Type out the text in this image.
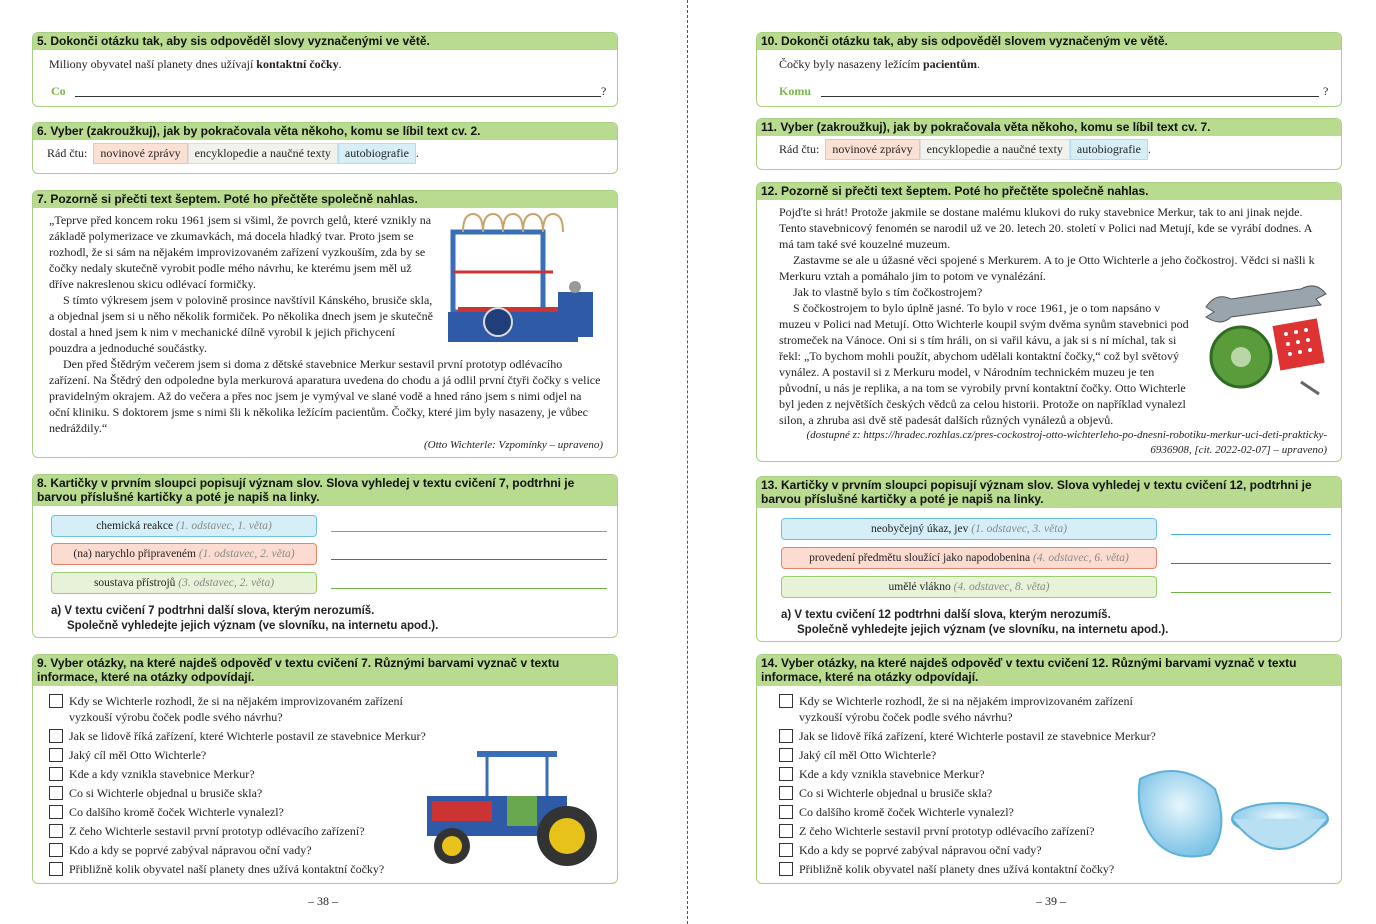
5. Dokonči otázku tak, aby sis odpověděl slovy vyznačenými ve větě.
Miliony obyvatel naší planety dnes užívají kontaktní čočky.
Co	?
6. Vyber (zakroužkuj), jak by pokračovala věta někoho, komu se líbil text cv. 2.
Rád čtu:	novinové zprávy	encyklopedie a naučné texty	autobiografie .
7. Pozorně si přečti text šeptem. Poté ho přečtěte společně nahlas.

„Teprve před koncem roku 1961 jsem si všiml, že povrch gelů, které vznikly na základě polymerizace ve zkumavkách, má docela hladký tvar. Proto jsem se rozhodl, že si sám na nějakém improvizovaném zařízení vyzkouším, zda by se čočky nedaly skutečně vyrobit podle mého návrhu, ke kterému jsem měl už dříve nakreslenou skicu odlévací formičky.

S tímto výkresem jsem v polovině prosince navštívil Kánského, brusiče skla, a objednal jsem si u něho několik formiček. Po několika dnech jsem je skutečně dostal a hned jsem k nim v mechanické dílně vyrobil k jejich přichycení pouzdra a jednoduché součástky.

Den před Štědrým večerem jsem si doma z dětské stavebnice Merkur sestavil první prototyp odlévacího zařízení. Na Štědrý den odpoledne byla merkurová aparatura uvedena do chodu a já odlil první čtyři čočky s velice pravidelným okrajem. Až do večera a přes noc jsem je vymýval ve slané vodě a hned ráno jsem s nimi odjel na oční kliniku. S doktorem jsme s nimi šli k několika ležícím pacientům. Čočky, které jim byly nasazeny, je vůbec nedráždily.“

(Otto Wichterle: Vzpomínky – upraveno)

8. Kartičky v prvním sloupci popisují význam slov. Slova vyhledej v textu cvičení 7, podtrhni je barvou příslušné kartičky a poté je napiš na linky.
chemická reakce (1. odstavec, 1. věta)
(na) narychlo připraveném (1. odstavec, 2. věta)
soustava přístrojů (3. odstavec, 2. věta)
a) V textu cvičení 7 podtrhni další slova, kterým nerozumíš.
Společně vyhledejte jejich význam (ve slovníku, na internetu apod.).
9. Vyber otázky, na které najdeš odpověď v textu cvičení 7. Různými barvami vyznač v textu informace, které na otázky odpovídají.
Kdy se Wichterle rozhodl, že si na nějakém improvizovaném zařízení
vyzkouší výrobu čoček podle svého návrhu?
Jak se lidově říká zařízení, které Wichterle postavil ze stavebnice Merkur?
Jaký cíl měl Otto Wichterle?
Kde a kdy vznikla stavebnice Merkur?
Co si Wichterle objednal u brusiče skla?
Co dalšího kromě čoček Wichterle vynalezl?
Z čeho Wichterle sestavil první prototyp odlévacího zařízení?
Kdo a kdy se poprvé zabýval nápravou oční vady?
Přibližně kolik obyvatel naší planety dnes užívá kontaktní čočky?
– 38 –
10. Dokonči otázku tak, aby sis odpověděl slovem vyznačeným ve větě.
Čočky byly nasazeny ležícím pacientům.
Komu	?
11. Vyber (zakroužkuj), jak by pokračovala věta někoho, komu se líbil text cv. 7.
Rád čtu:	novinové zprávy	encyklopedie a naučné texty	autobiografie .
12. Pozorně si přečti text šeptem. Poté ho přečtěte společně nahlas.

Pojďte si hrát! Protože jakmile se dostane malému klukovi do ruky stavebnice Merkur, tak to ani jinak nejde. Tento stavebnicový fenomén se narodil už ve 20. letech 20. století v Polici nad Metují, kde se vyrábí dodnes. A má tam také své kouzelné muzeum.

Zastavme se ale u úžasné věci spojené s Merkurem. A to je Otto Wichterle a jeho čočkostroj. Vědci si našli k Merkuru vztah a pomáhalo jim to potom ve vynalézání.

Jak to vlastně bylo s tím čočkostrojem?

S čočkostrojem to bylo úplně jasné. To bylo v roce 1961, je o tom napsáno v muzeu v Polici nad Metují. Otto Wichterle koupil svým dvěma synům stavebnici pod stromeček na Vánoce. Oni si s tím hráli, on si vařil kávu, a jak si s ní míchal, tak si řekl: „To bychom mohli použít, abychom udělali kontaktní čočky,“ což byl světový vynález. A postavil si z Merkuru model, v Národním technickém muzeu je ten původní, u nás je replika, a na tom se vyrobily první kontaktní čočky. Otto Wichterle byl jeden z největších českých vědců za celou historii. Protože on například vynalezl silon, a zhruba asi dvě stě padesát dalších různých vynálezů a objevů.

(dostupné z: https://hradec.rozhlas.cz/pres-cockostroj-otto-wichterleho-po-dnesni-robotiku-merkur-uci-deti-prakticky-6936908, [cit. 2022-02-07] – upraveno)

13. Kartičky v prvním sloupci popisují význam slov. Slova vyhledej v textu cvičení 12, podtrhni je barvou příslušné kartičky a poté je napiš na linky.
neobyčejný úkaz, jev (1. odstavec, 3. věta)
provedení předmětu sloužící jako napodobenina (4. odstavec, 6. věta)
umělé vlákno (4. odstavec, 8. věta)
a) V textu cvičení 12 podtrhni další slova, kterým nerozumíš.
Společně vyhledejte jejich význam (ve slovníku, na internetu apod.).
14. Vyber otázky, na které najdeš odpověď v textu cvičení 12. Různými barvami vyznač v textu informace, které na otázky odpovídají.
Kdy se Wichterle rozhodl, že si na nějakém improvizovaném zařízení
vyzkouší výrobu čoček podle svého návrhu?
Jak se lidově říká zařízení, které Wichterle postavil ze stavebnice Merkur?
Jaký cíl měl Otto Wichterle?
Kde a kdy vznikla stavebnice Merkur?
Co si Wichterle objednal u brusiče skla?
Co dalšího kromě čoček Wichterle vynalezl?
Z čeho Wichterle sestavil první prototyp odlévacího zařízení?
Kdo a kdy se poprvé zabýval nápravou oční vady?
Přibližně kolik obyvatel naší planety dnes užívá kontaktní čočky?
– 39 –
